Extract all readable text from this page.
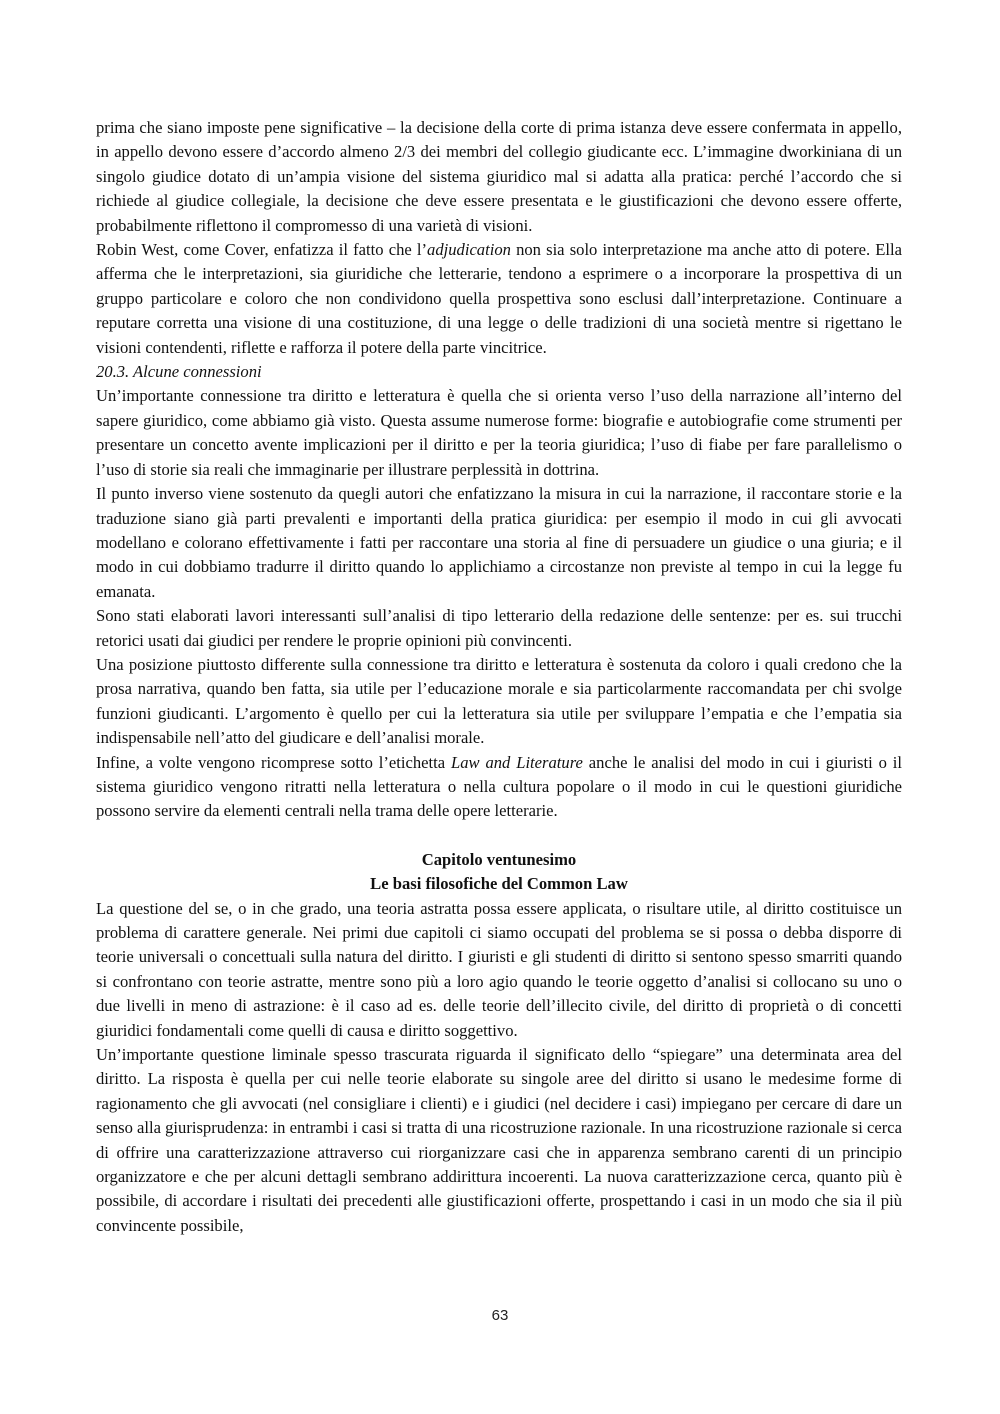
prima che siano imposte pene significative – la decisione della corte di prima istanza deve essere confermata in appello, in appello devono essere d’accordo almeno 2/3 dei membri del collegio giudicante ecc. L’immagine dworkiniana di un singolo giudice dotato di un’ampia visione del sistema giuridico mal si adatta alla pratica: perché l’accordo che si richiede al giudice collegiale, la decisione che deve essere presentata e le giustificazioni che devono essere offerte, probabilmente riflettono il compromesso di una varietà di visioni.

Robin West, come Cover, enfatizza il fatto che l’adjudication non sia solo interpretazione ma anche atto di potere. Ella afferma che le interpretazioni, sia giuridiche che letterarie, tendono a esprimere o a incorporare la prospettiva di un gruppo particolare e coloro che non condividono quella prospettiva sono esclusi dall’interpretazione. Continuare a reputare corretta una visione di una costituzione, di una legge o delle tradizioni di una società mentre si rigettano le visioni contendenti, riflette e rafforza il potere della parte vincitrice.

20.3. Alcune connessioni

Un’importante connessione tra diritto e letteratura è quella che si orienta verso l’uso della narrazione all’interno del sapere giuridico, come abbiamo già visto. Questa assume numerose forme: biografie e autobiografie come strumenti per presentare un concetto avente implicazioni per il diritto e per la teoria giuridica; l’uso di fiabe per fare parallelismo o l’uso di storie sia reali che immaginarie per illustrare perplessità in dottrina.

Il punto inverso viene sostenuto da quegli autori che enfatizzano la misura in cui la narrazione, il raccontare storie e la traduzione siano già parti prevalenti e importanti della pratica giuridica: per esempio il modo in cui gli avvocati modellano e colorano effettivamente i fatti per raccontare una storia al fine di persuadere un giudice o una giuria; e il modo in cui dobbiamo tradurre il diritto quando lo applichiamo a circostanze non previste al tempo in cui la legge fu emanata.

Sono stati elaborati lavori interessanti sull’analisi di tipo letterario della redazione delle sentenze: per es. sui trucchi retorici usati dai giudici per rendere le proprie opinioni più convincenti.

Una posizione piuttosto differente sulla connessione tra diritto e letteratura è sostenuta da coloro i quali credono che la prosa narrativa, quando ben fatta, sia utile per l’educazione morale e sia particolarmente raccomandata per chi svolge funzioni giudicanti. L’argomento è quello per cui la letteratura sia utile per sviluppare l’empatia e che l’empatia sia indispensabile nell’atto del giudicare e dell’analisi morale.

Infine, a volte vengono ricomprese sotto l’etichetta Law and Literature anche le analisi del modo in cui i giuristi o il sistema giuridico vengono ritratti nella letteratura o nella cultura popolare o il modo in cui le questioni giuridiche possono servire da elementi centrali nella trama delle opere letterarie.

Capitolo ventunesimo

Le basi filosofiche del Common Law

La questione del se, o in che grado, una teoria astratta possa essere applicata, o risultare utile, al diritto costituisce un problema di carattere generale. Nei primi due capitoli ci siamo occupati del problema se si possa o debba disporre di teorie universali o concettuali sulla natura del diritto. I giuristi e gli studenti di diritto si sentono spesso smarriti quando si confrontano con teorie astratte, mentre sono più a loro agio quando le teorie oggetto d’analisi si collocano su uno o due livelli in meno di astrazione: è il caso ad es. delle teorie dell’illecito civile, del diritto di proprietà o di concetti giuridici fondamentali come quelli di causa e diritto soggettivo.

Un’importante questione liminale spesso trascurata riguarda il significato dello “spiegare” una determinata area del diritto. La risposta è quella per cui nelle teorie elaborate su singole aree del diritto si usano le medesime forme di ragionamento che gli avvocati (nel consigliare i clienti) e i giudici (nel decidere i casi) impiegano per cercare di dare un senso alla giurisprudenza: in entrambi i casi si tratta di una ricostruzione razionale. In una ricostruzione razionale si cerca di offrire una caratterizzazione attraverso cui riorganizzare casi che in apparenza sembrano carenti di un principio organizzatore e che per alcuni dettagli sembrano addirittura incoerenti. La nuova caratterizzazione cerca, quanto più è possibile, di accordare i risultati dei precedenti alle giustificazioni offerte, prospettando i casi in un modo che sia il più convincente possibile,

63
